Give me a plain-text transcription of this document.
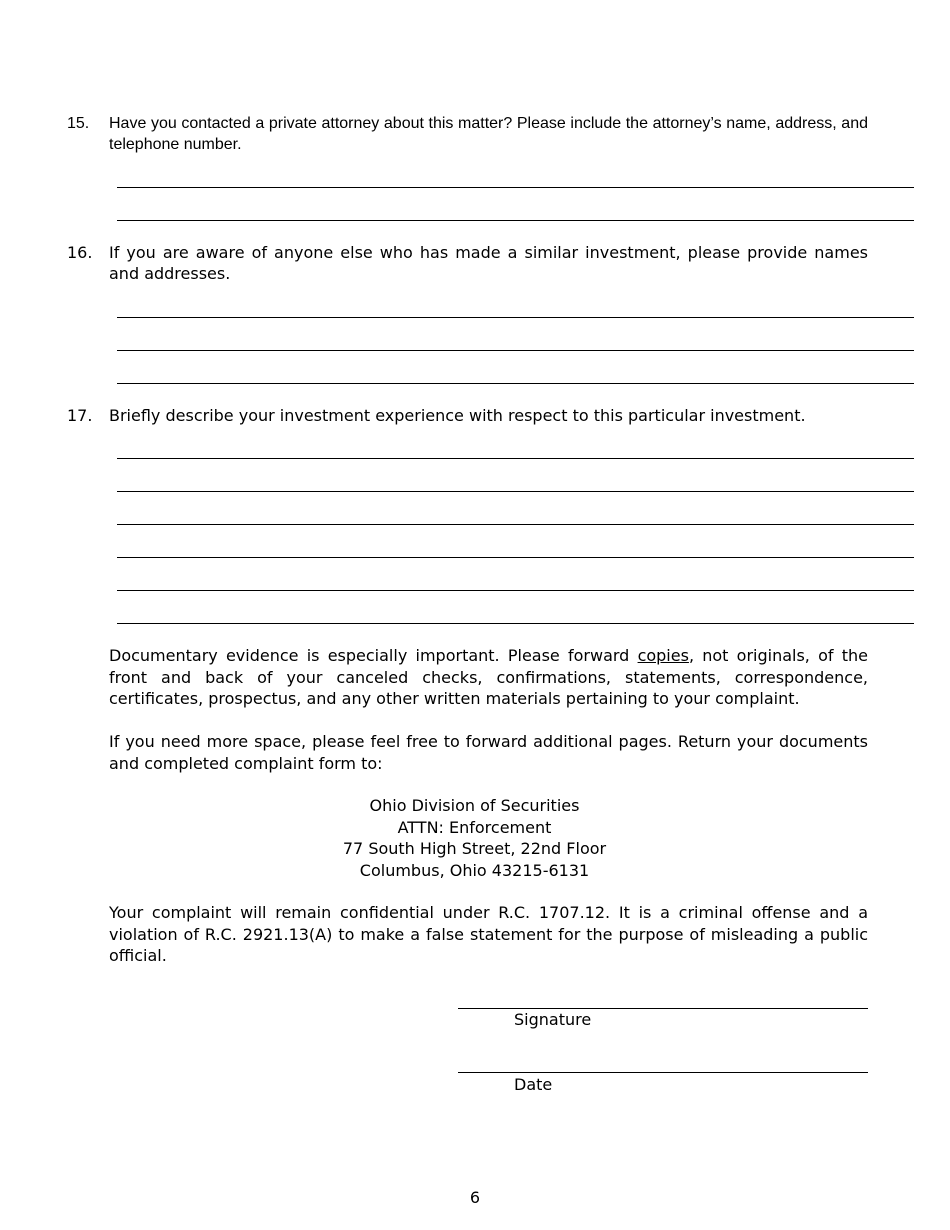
15. Have you contacted a private attorney about this matter? Please include the attorney’s name, address, and telephone number.
16. If you are aware of anyone else who has made a similar investment, please provide names and addresses.
17. Briefly describe your investment experience with respect to this particular investment.

Documentary evidence is especially important. Please forward copies, not originals, of the front and back of your canceled checks, confirmations, statements, correspondence, certificates, prospectus, and any other written materials pertaining to your complaint.

If you need more space, please feel free to forward additional pages. Return your documents and completed complaint form to:

Ohio Division of Securities
ATTN: Enforcement
77 South High Street, 22nd Floor
Columbus, Ohio 43215-6131

Your complaint will remain confidential under R.C. 1707.12. It is a criminal offense and a violation of R.C. 2921.13(A) to make a false statement for the purpose of misleading a public official.

Signature
Date
6
